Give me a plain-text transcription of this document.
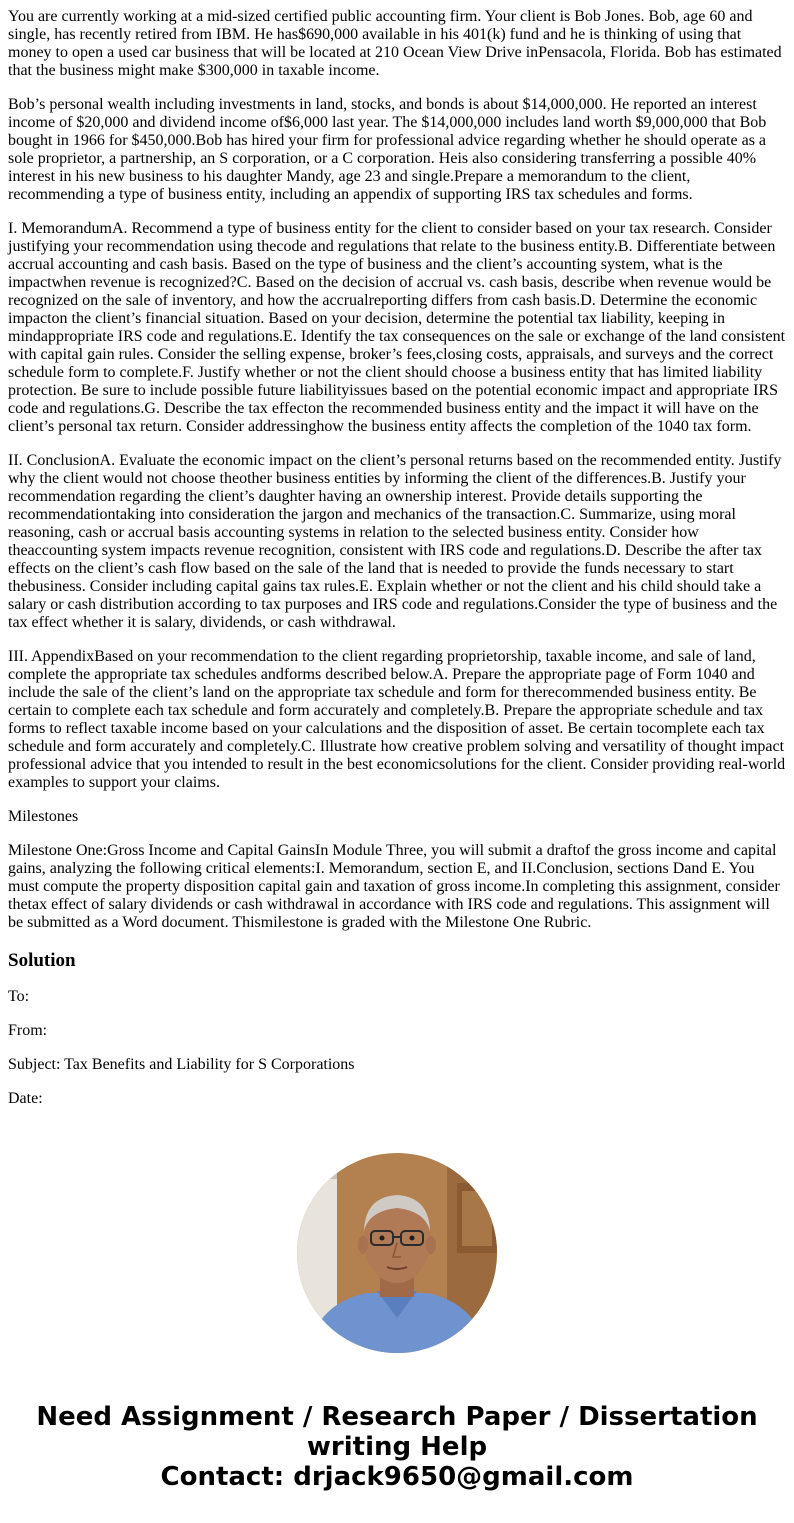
You are currently working at a mid-sized certified public accounting firm. Your client is Bob Jones. Bob, age 60 and single, has recently retired from IBM. He has$690,000 available in his 401(k) fund and he is thinking of using that money to open a used car business that will be located at 210 Ocean View Drive inPensacola, Florida. Bob has estimated that the business might make $300,000 in taxable income.

Bob’s personal wealth including investments in land, stocks, and bonds is about $14,000,000. He reported an interest income of $20,000 and dividend income of$6,000 last year. The $14,000,000 includes land worth $9,000,000 that Bob bought in 1966 for $450,000.Bob has hired your firm for professional advice regarding whether he should operate as a sole proprietor, a partnership, an S corporation, or a C corporation. Heis also considering transferring a possible 40% interest in his new business to his daughter Mandy, age 23 and single.Prepare a memorandum to the client, recommending a type of business entity, including an appendix of supporting IRS tax schedules and forms.

I. MemorandumA. Recommend a type of business entity for the client to consider based on your tax research. Consider justifying your recommendation using thecode and regulations that relate to the business entity.B. Differentiate between accrual accounting and cash basis. Based on the type of business and the client’s accounting system, what is the impactwhen revenue is recognized?C. Based on the decision of accrual vs. cash basis, describe when revenue would be recognized on the sale of inventory, and how the accrualreporting differs from cash basis.D. Determine the economic impacton the client’s financial situation. Based on your decision, determine the potential tax liability, keeping in mindappropriate IRS code and regulations.E. Identify the tax consequences on the sale or exchange of the land consistent with capital gain rules. Consider the selling expense, broker’s fees,closing costs, appraisals, and surveys and the correct schedule form to complete.F. Justify whether or not the client should choose a business entity that has limited liability protection. Be sure to include possible future liabilityissues based on the potential economic impact and appropriate IRS code and regulations.G. Describe the tax effecton the recommended business entity and the impact it will have on the client’s personal tax return. Consider addressinghow the business entity affects the completion of the 1040 tax form.

II. ConclusionA. Evaluate the economic impact on the client’s personal returns based on the recommended entity. Justify why the client would not choose theother business entities by informing the client of the differences.B. Justify your recommendation regarding the client’s daughter having an ownership interest. Provide details supporting the recommendationtaking into consideration the jargon and mechanics of the transaction.C. Summarize, using moral reasoning, cash or accrual basis accounting systems in relation to the selected business entity. Consider how theaccounting system impacts revenue recognition, consistent with IRS code and regulations.D. Describe the after tax effects on the client’s cash flow based on the sale of the land that is needed to provide the funds necessary to start thebusiness. Consider including capital gains tax rules.E. Explain whether or not the client and his child should take a salary or cash distribution according to tax purposes and IRS code and regulations.Consider the type of business and the tax effect whether it is salary, dividends, or cash withdrawal.

III. AppendixBased on your recommendation to the client regarding proprietorship, taxable income, and sale of land, complete the appropriate tax schedules andforms described below.A. Prepare the appropriate page of Form 1040 and include the sale of the client’s land on the appropriate tax schedule and form for therecommended business entity. Be certain to complete each tax schedule and form accurately and completely.B. Prepare the appropriate schedule and tax forms to reflect taxable income based on your calculations and the disposition of asset. Be certain tocomplete each tax schedule and form accurately and completely.C. Illustrate how creative problem solving and versatility of thought impact professional advice that you intended to result in the best economicsolutions for the client. Consider providing real-world examples to support your claims.

Milestones

Milestone One:Gross Income and Capital GainsIn Module Three, you will submit a draftof the gross income and capital gains, analyzing the following critical elements:I. Memorandum, section E, and II.Conclusion, sections Dand E. You must compute the property disposition capital gain and taxation of gross income.In completing this assignment, consider thetax effect of salary dividends or cash withdrawal in accordance with IRS code and regulations. This assignment will be submitted as a Word document. Thismilestone is graded with the Milestone One Rubric.

Solution

To:

From:

Subject: Tax Benefits and Liability for S Corporations

Date:

Need Assignment / Research Paper / Dissertation
writing Help
Contact: drjack9650@gmail.com
